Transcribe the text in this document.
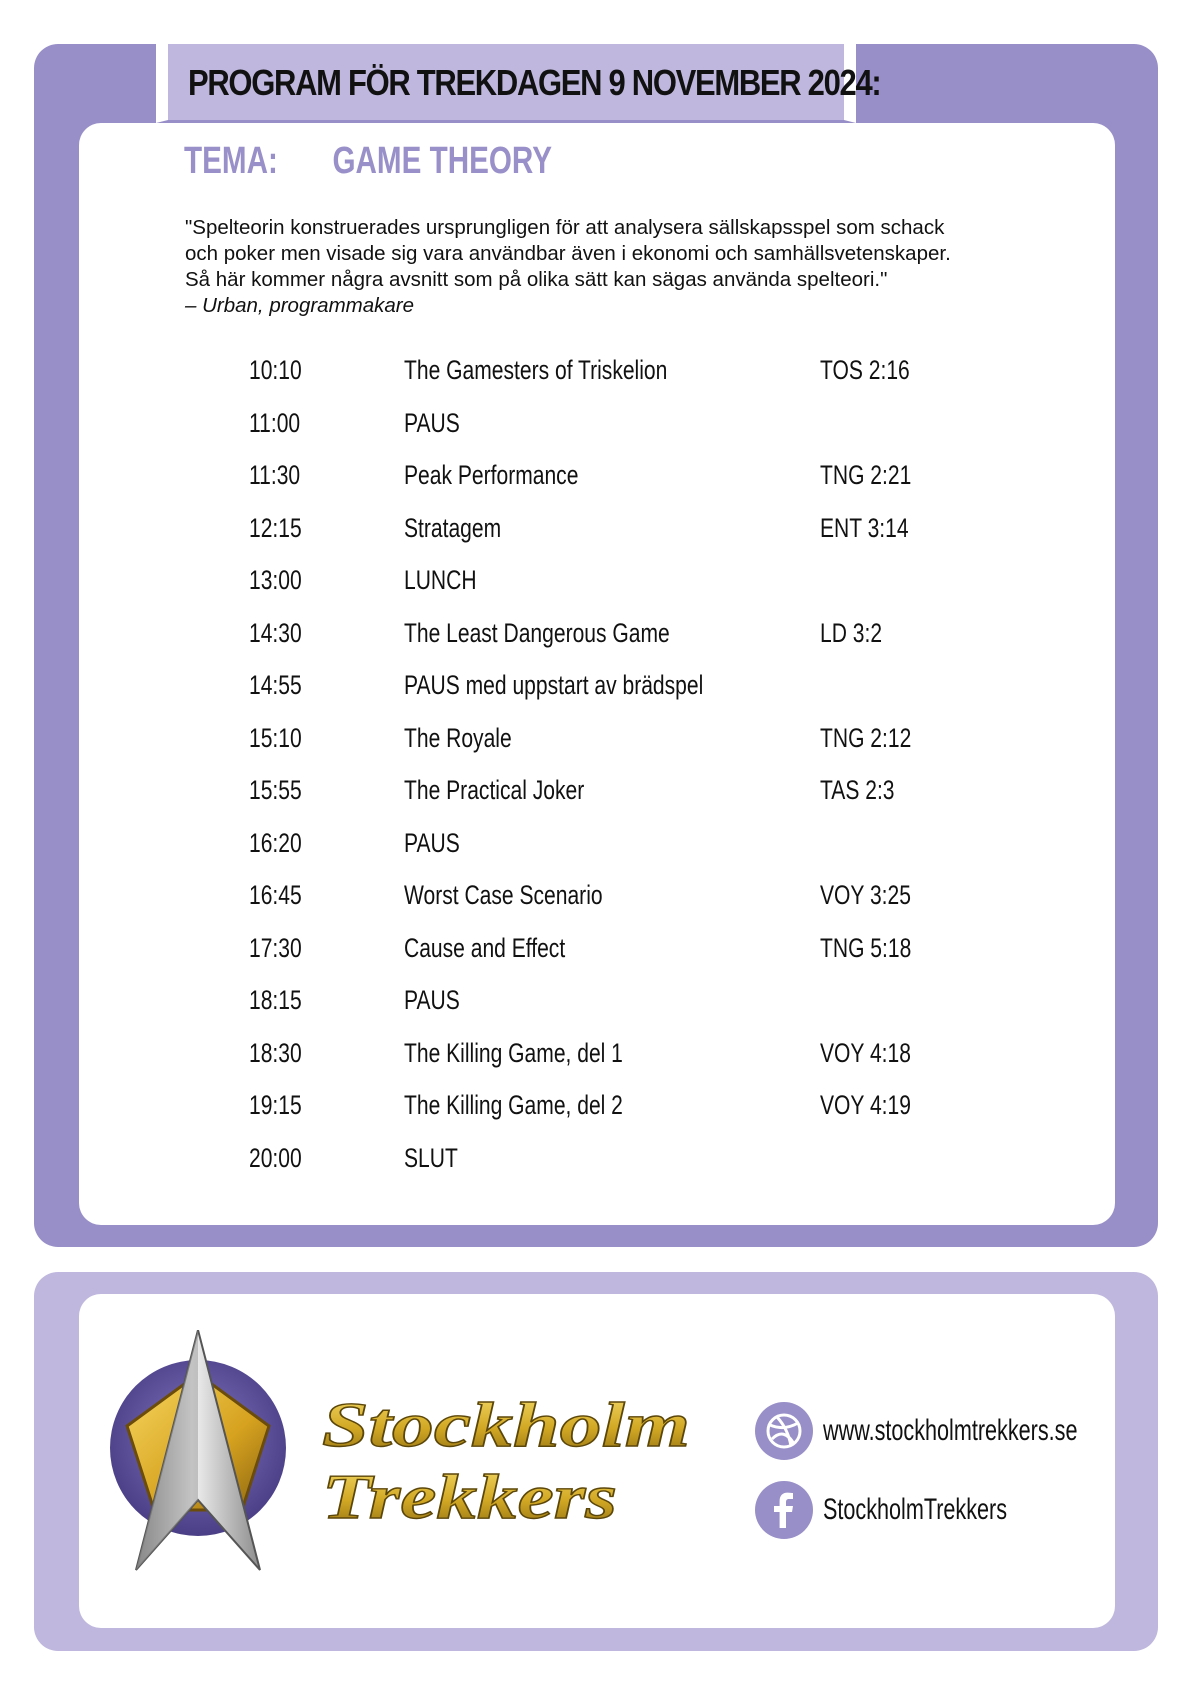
PROGRAM FÖR TREKDAGEN 9 NOVEMBER 2024:
TEMA: GAME THEORY

"Spelteorin konstruerades ursprungligen för att analysera sällskapsspel som schack

och poker men visade sig vara användbar även i ekonomi och samhällsvetenskaper.

Så här kommer några avsnitt som på olika sätt kan sägas använda spelteori."

– Urban, programmakare

10:10	The Gamesters of Triskelion	TOS 2:16
11:00	PAUS
11:30	Peak Performance	TNG 2:21
12:15	Stratagem	ENT 3:14
13:00	LUNCH
14:30	The Least Dangerous Game	LD 3:2
14:55	PAUS med uppstart av brädspel
15:10	The Royale	TNG 2:12
15:55	The Practical Joker	TAS 2:3
16:20	PAUS
16:45	Worst Case Scenario	VOY 3:25
17:30	Cause and Effect	TNG 5:18
18:15	PAUS
18:30	The Killing Game, del 1	VOY 4:18
19:15	The Killing Game, del 2	VOY 4:19
20:00	SLUT
Stockholm
Trekkers
www.stockholmtrekkers.se
StockholmTrekkers
